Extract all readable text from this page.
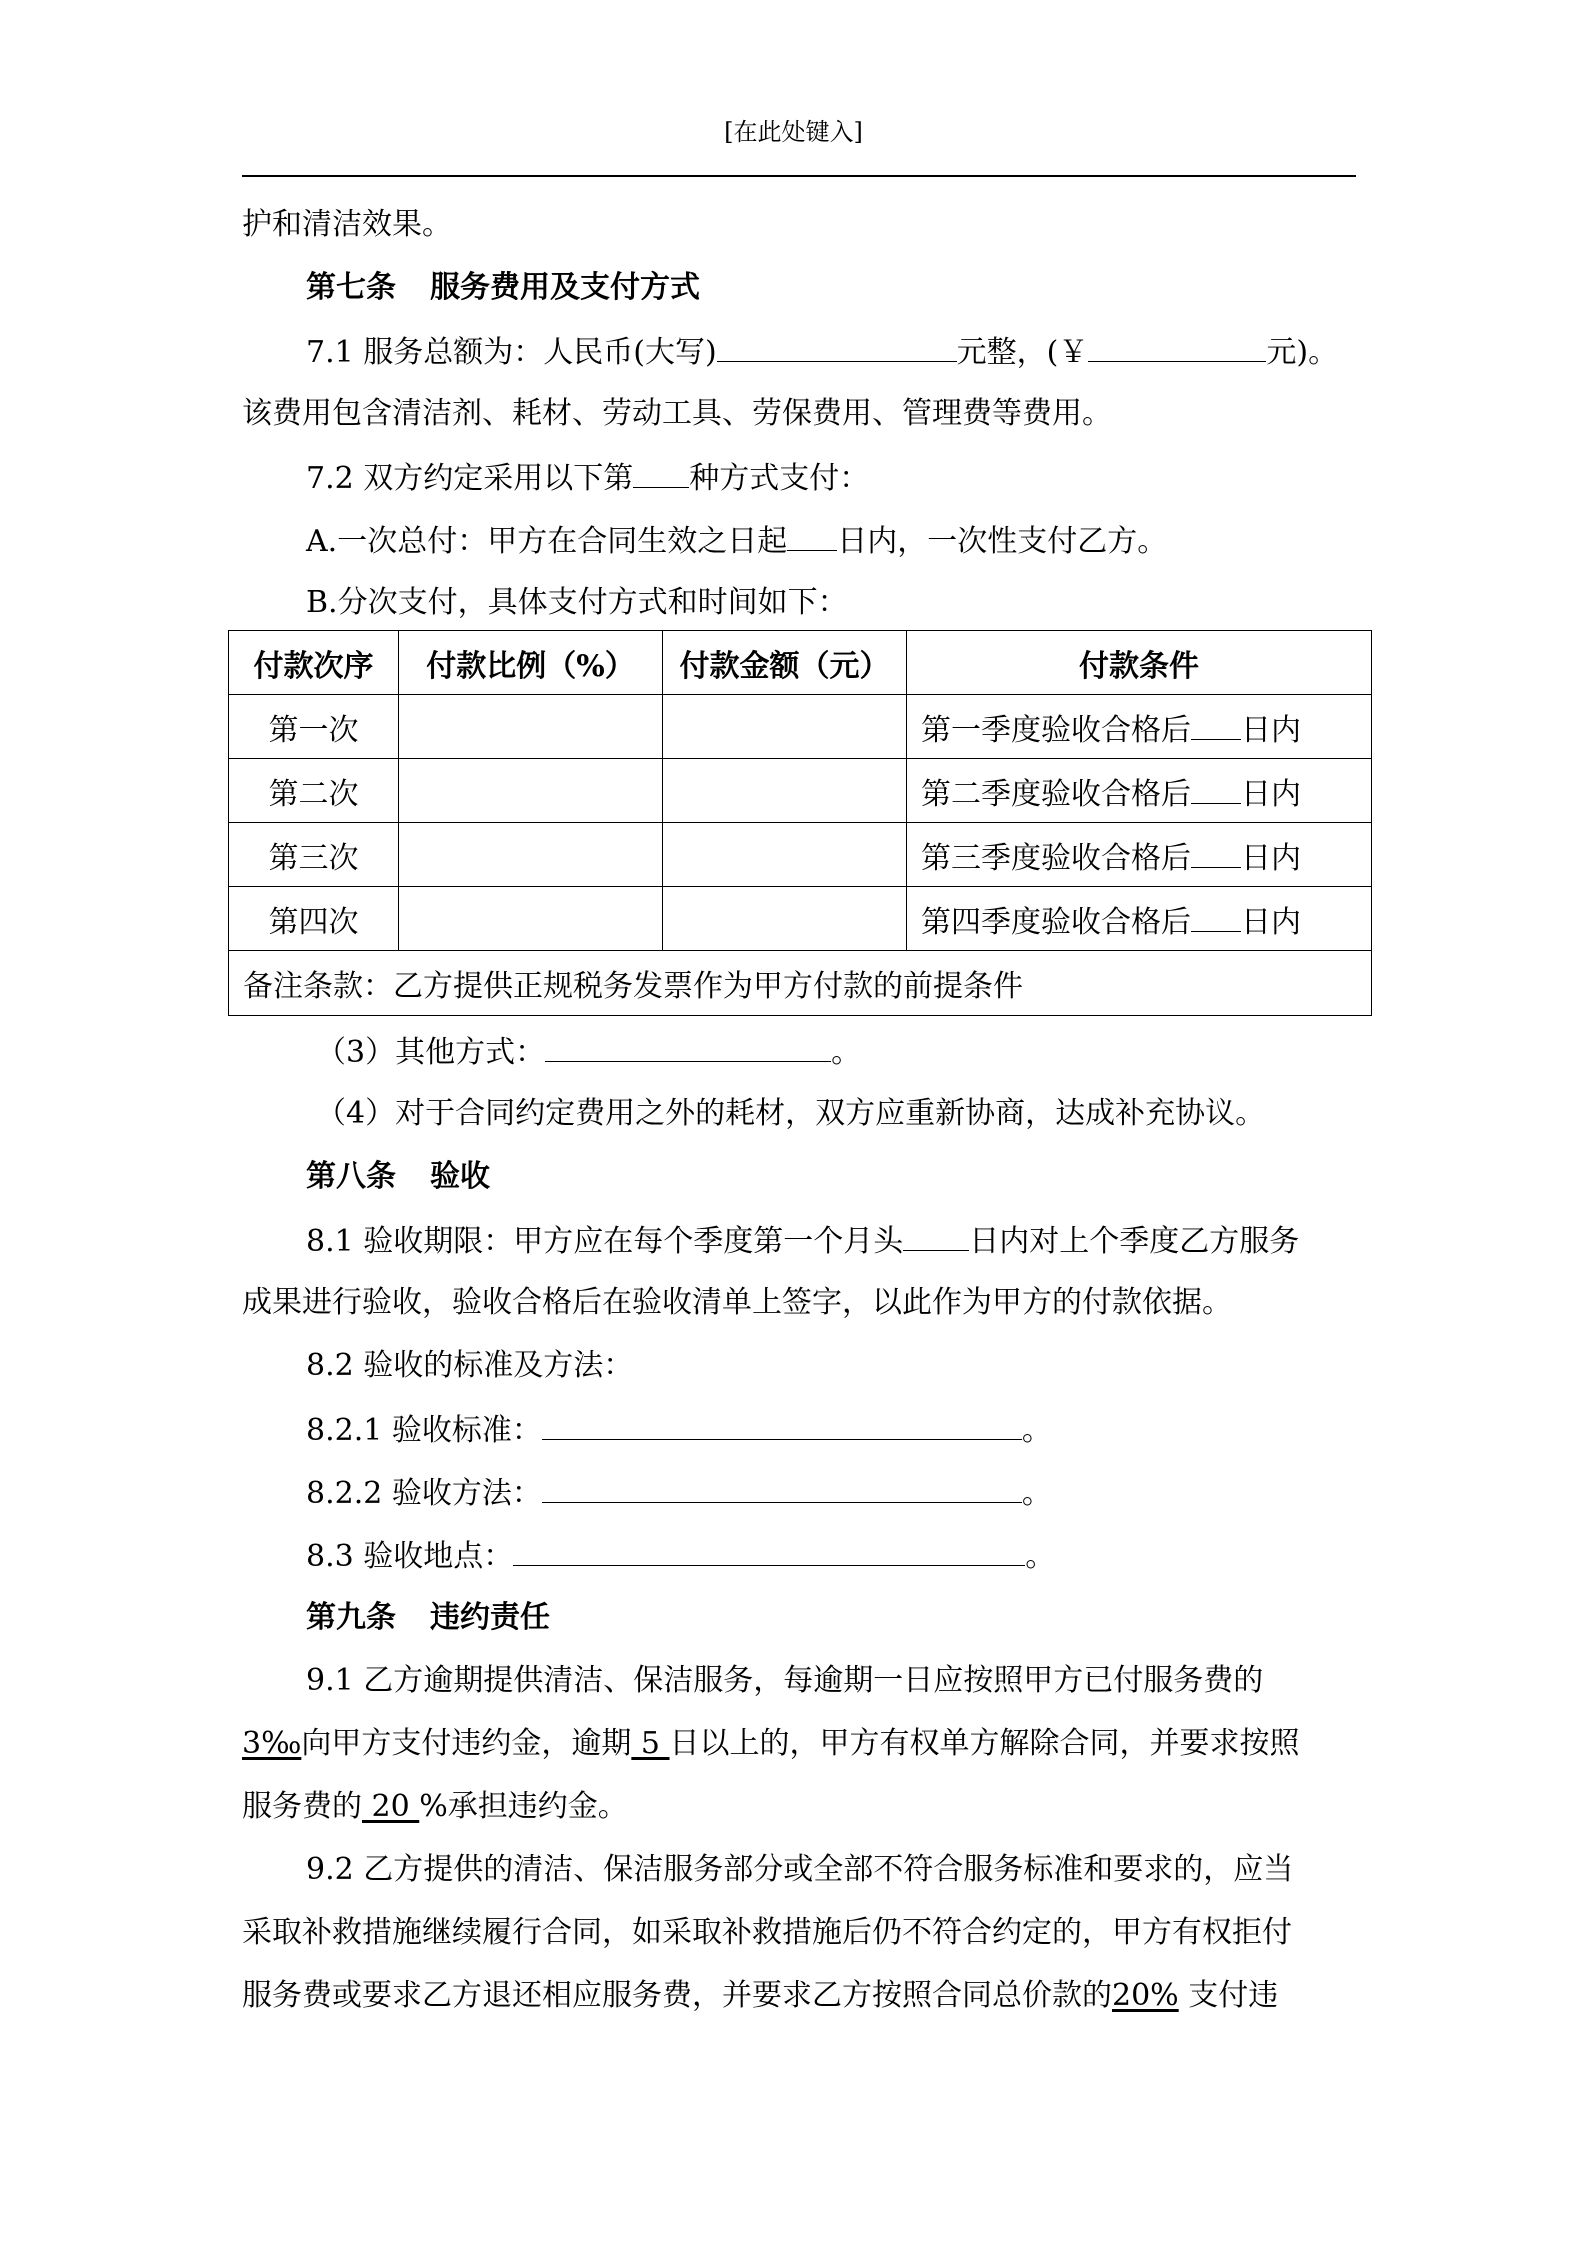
[在此处键入]
护和清洁效果。
第七条 服务费用及支付方式
7.1 服务总额为：人民币(大写)	元整，(￥	元)。
该费用包含清洁剂、耗材、劳动工具、劳保费用、管理费等费用。
7.2 双方约定采用以下第 种方式支付：
A.一次总付：甲方在合同生效之日起 日内，一次性支付乙方。
B.分次支付，具体支付方式和时间如下：
付款次序	付款比例（%）	付款金额（元）	付款条件
第一次			第一季度验收合格后 日内
第二次			第二季度验收合格后 日内
第三次			第三季度验收合格后 日内
第四次			第四季度验收合格后 日内
备注条款：乙方提供正规税务发票作为甲方付款的前提条件			
（3）其他方式：	。
（4）对于合同约定费用之外的耗材，双方应重新协商，达成补充协议。
第八条 验收
8.1 验收期限：甲方应在每个季度第一个月头 日内对上个季度乙方服务
成果进行验收，验收合格后在验收清单上签字，以此作为甲方的付款依据。
8.2 验收的标准及方法：
8.2.1 验收标准：	。
8.2.2 验收方法：	。
8.3 验收地点：	。
第九条 违约责任
9.1 乙方逾期提供清洁、保洁服务，每逾期一日应按照甲方已付服务费的
3‰向甲方支付违约金，逾期 5 日以上的，甲方有权单方解除合同，并要求按照
服务费的 20 %承担违约金。
9.2 乙方提供的清洁、保洁服务部分或全部不符合服务标准和要求的，应当
采取补救措施继续履行合同，如采取补救措施后仍不符合约定的，甲方有权拒付
服务费或要求乙方退还相应服务费，并要求乙方按照合同总价款的20% 支付违
